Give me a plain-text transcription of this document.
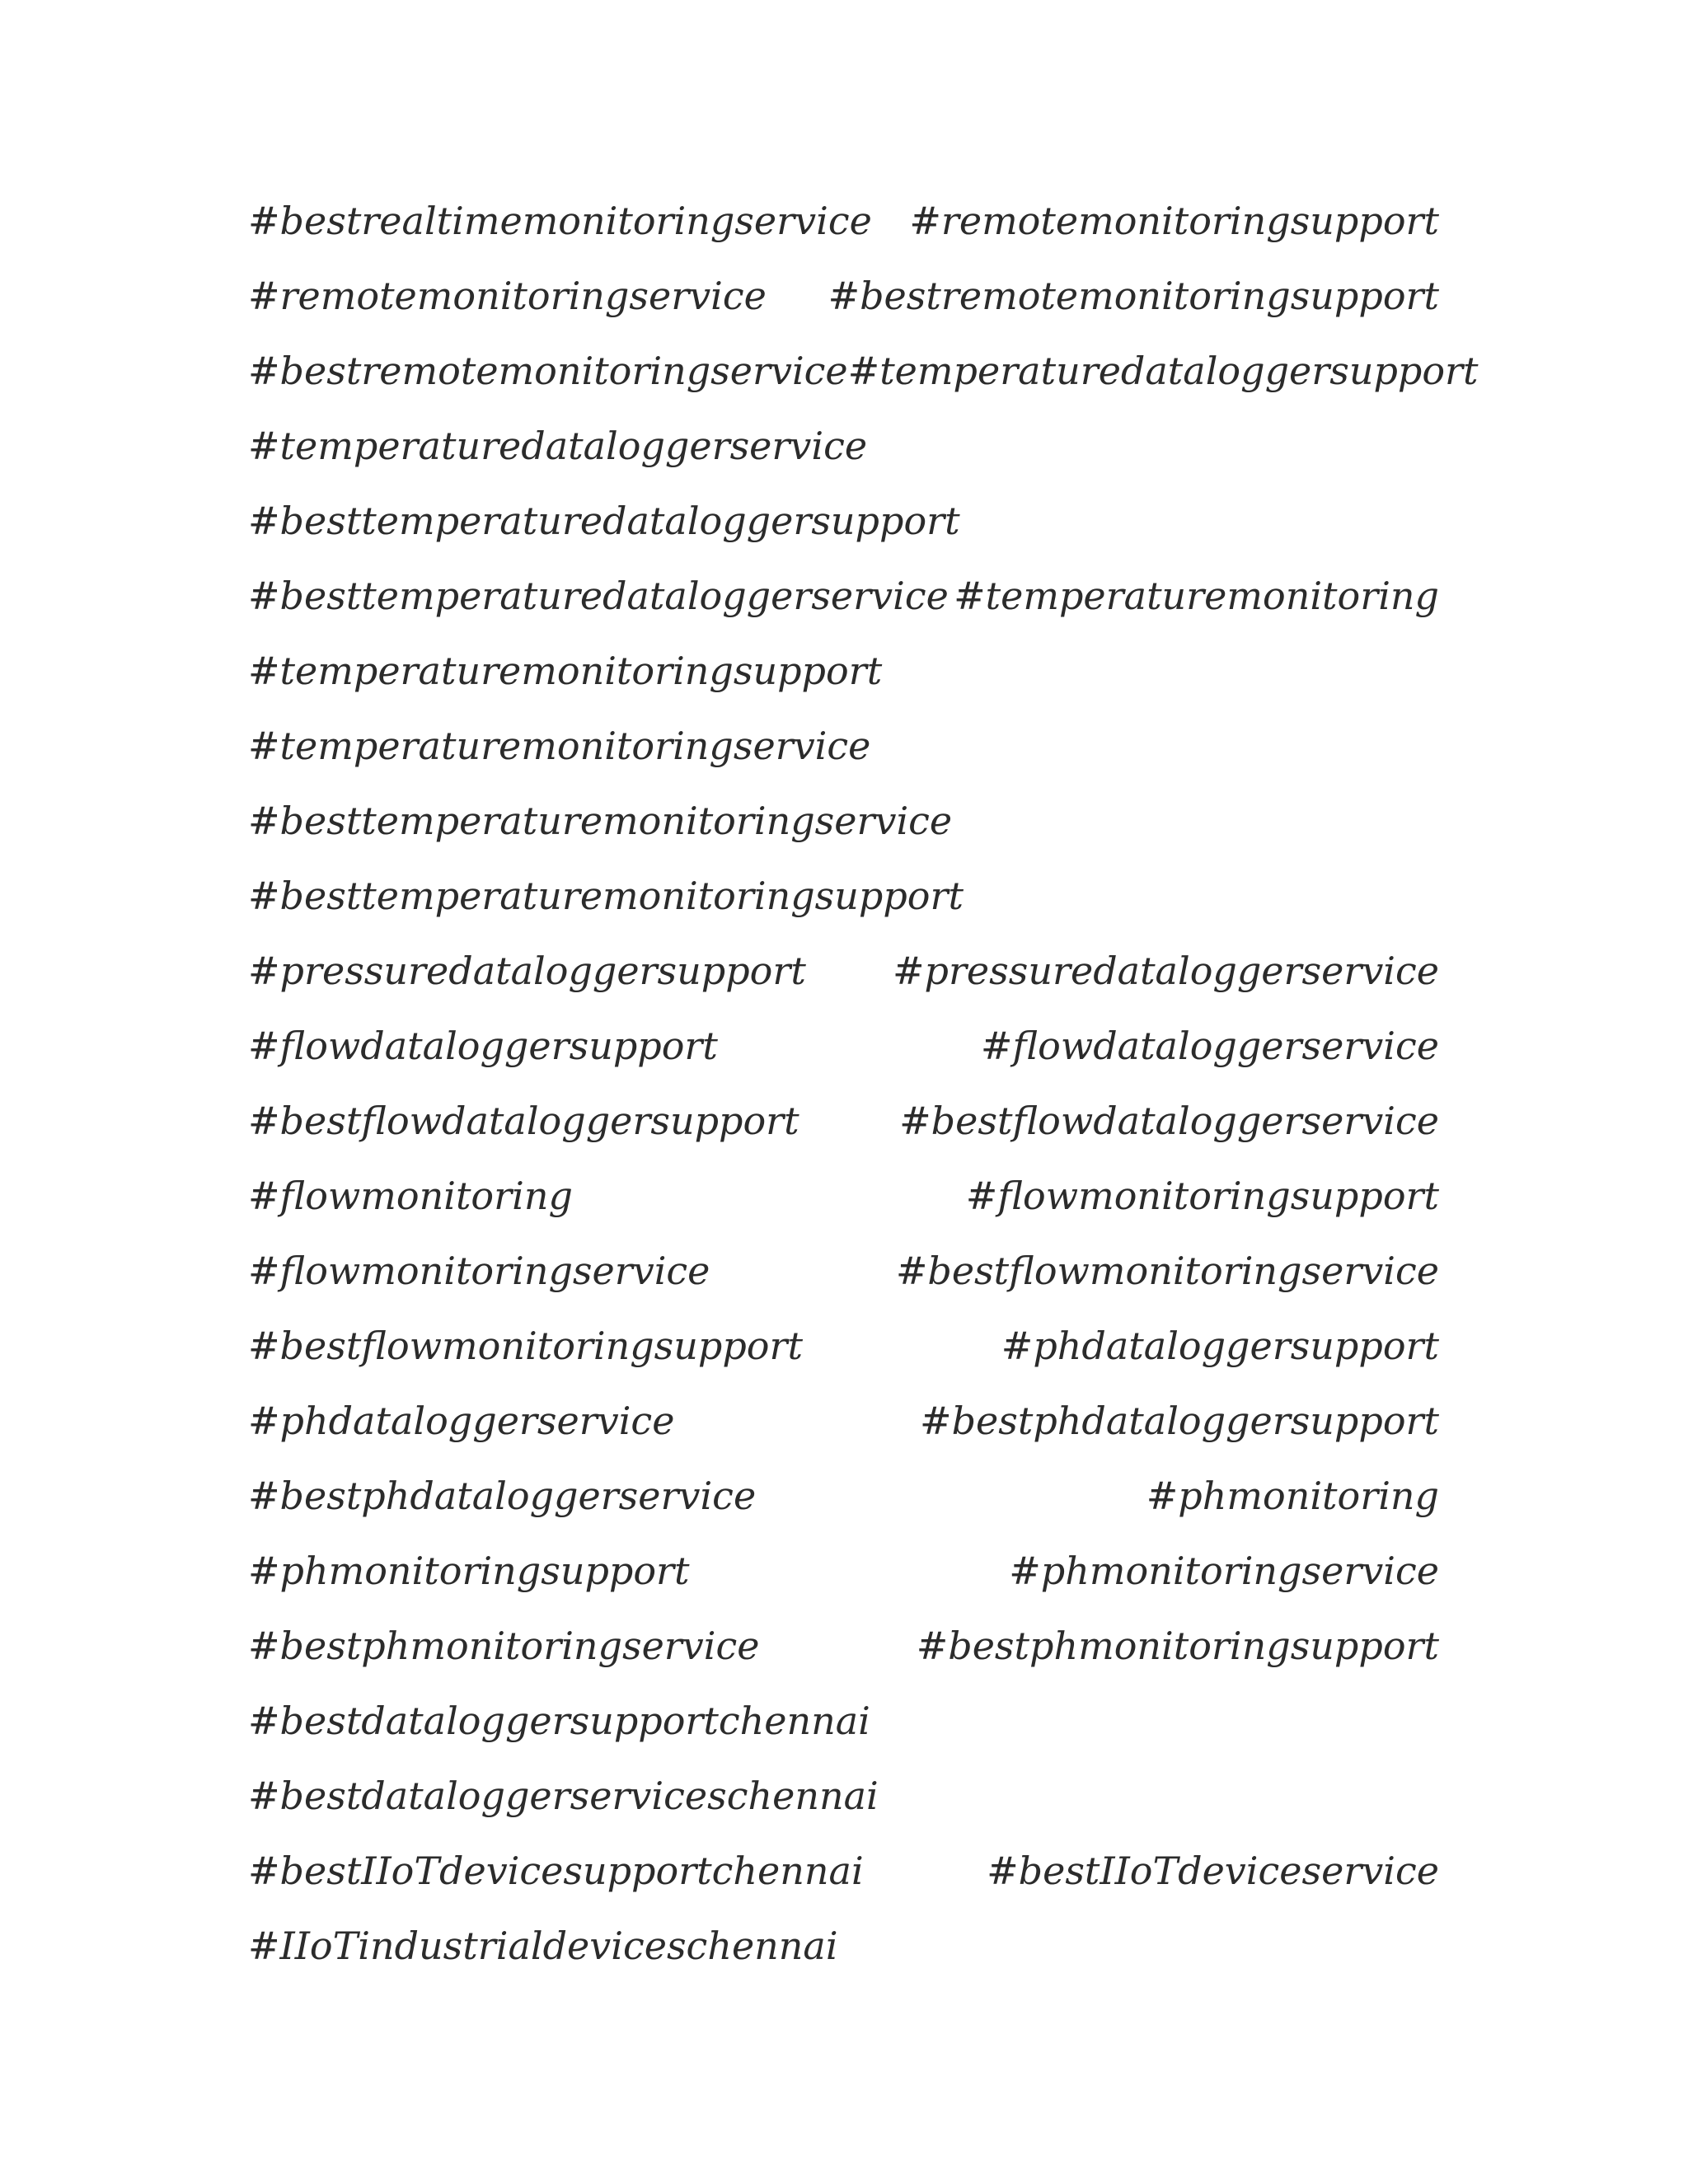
#bestrealtimemonitoringservice #remotemonitoringsupport
#remotemonitoringservice #bestremotemonitoringsupport
#bestremotemonitoringservice #temperaturedataloggersupport
#temperaturedataloggerservice
#besttemperaturedataloggersupport
#besttemperaturedataloggerservice #temperaturemonitoring
#temperaturemonitoringsupport
#temperaturemonitoringservice
#besttemperaturemonitoringservice
#besttemperaturemonitoringsupport
#pressuredataloggersupport #pressuredataloggerservice
#flowdataloggersupport	#flowdataloggerservice
#bestflowdataloggersupport	#bestflowdataloggerservice
#flowmonitoring	#flowmonitoringsupport
#flowmonitoringservice	#bestflowmonitoringservice
#bestflowmonitoringsupport	#phdataloggersupport
#phdataloggerservice	#bestphdataloggersupport
#bestphdataloggerservice	#phmonitoring
#phmonitoringsupport	#phmonitoringservice
#bestphmonitoringservice	#bestphmonitoringsupport
#bestdataloggersupportchennai
#bestdataloggerserviceschennai
#bestIIoTdevicesupportchennai	#bestIIoTdeviceservice
#IIoTindustrialdeviceschennai
